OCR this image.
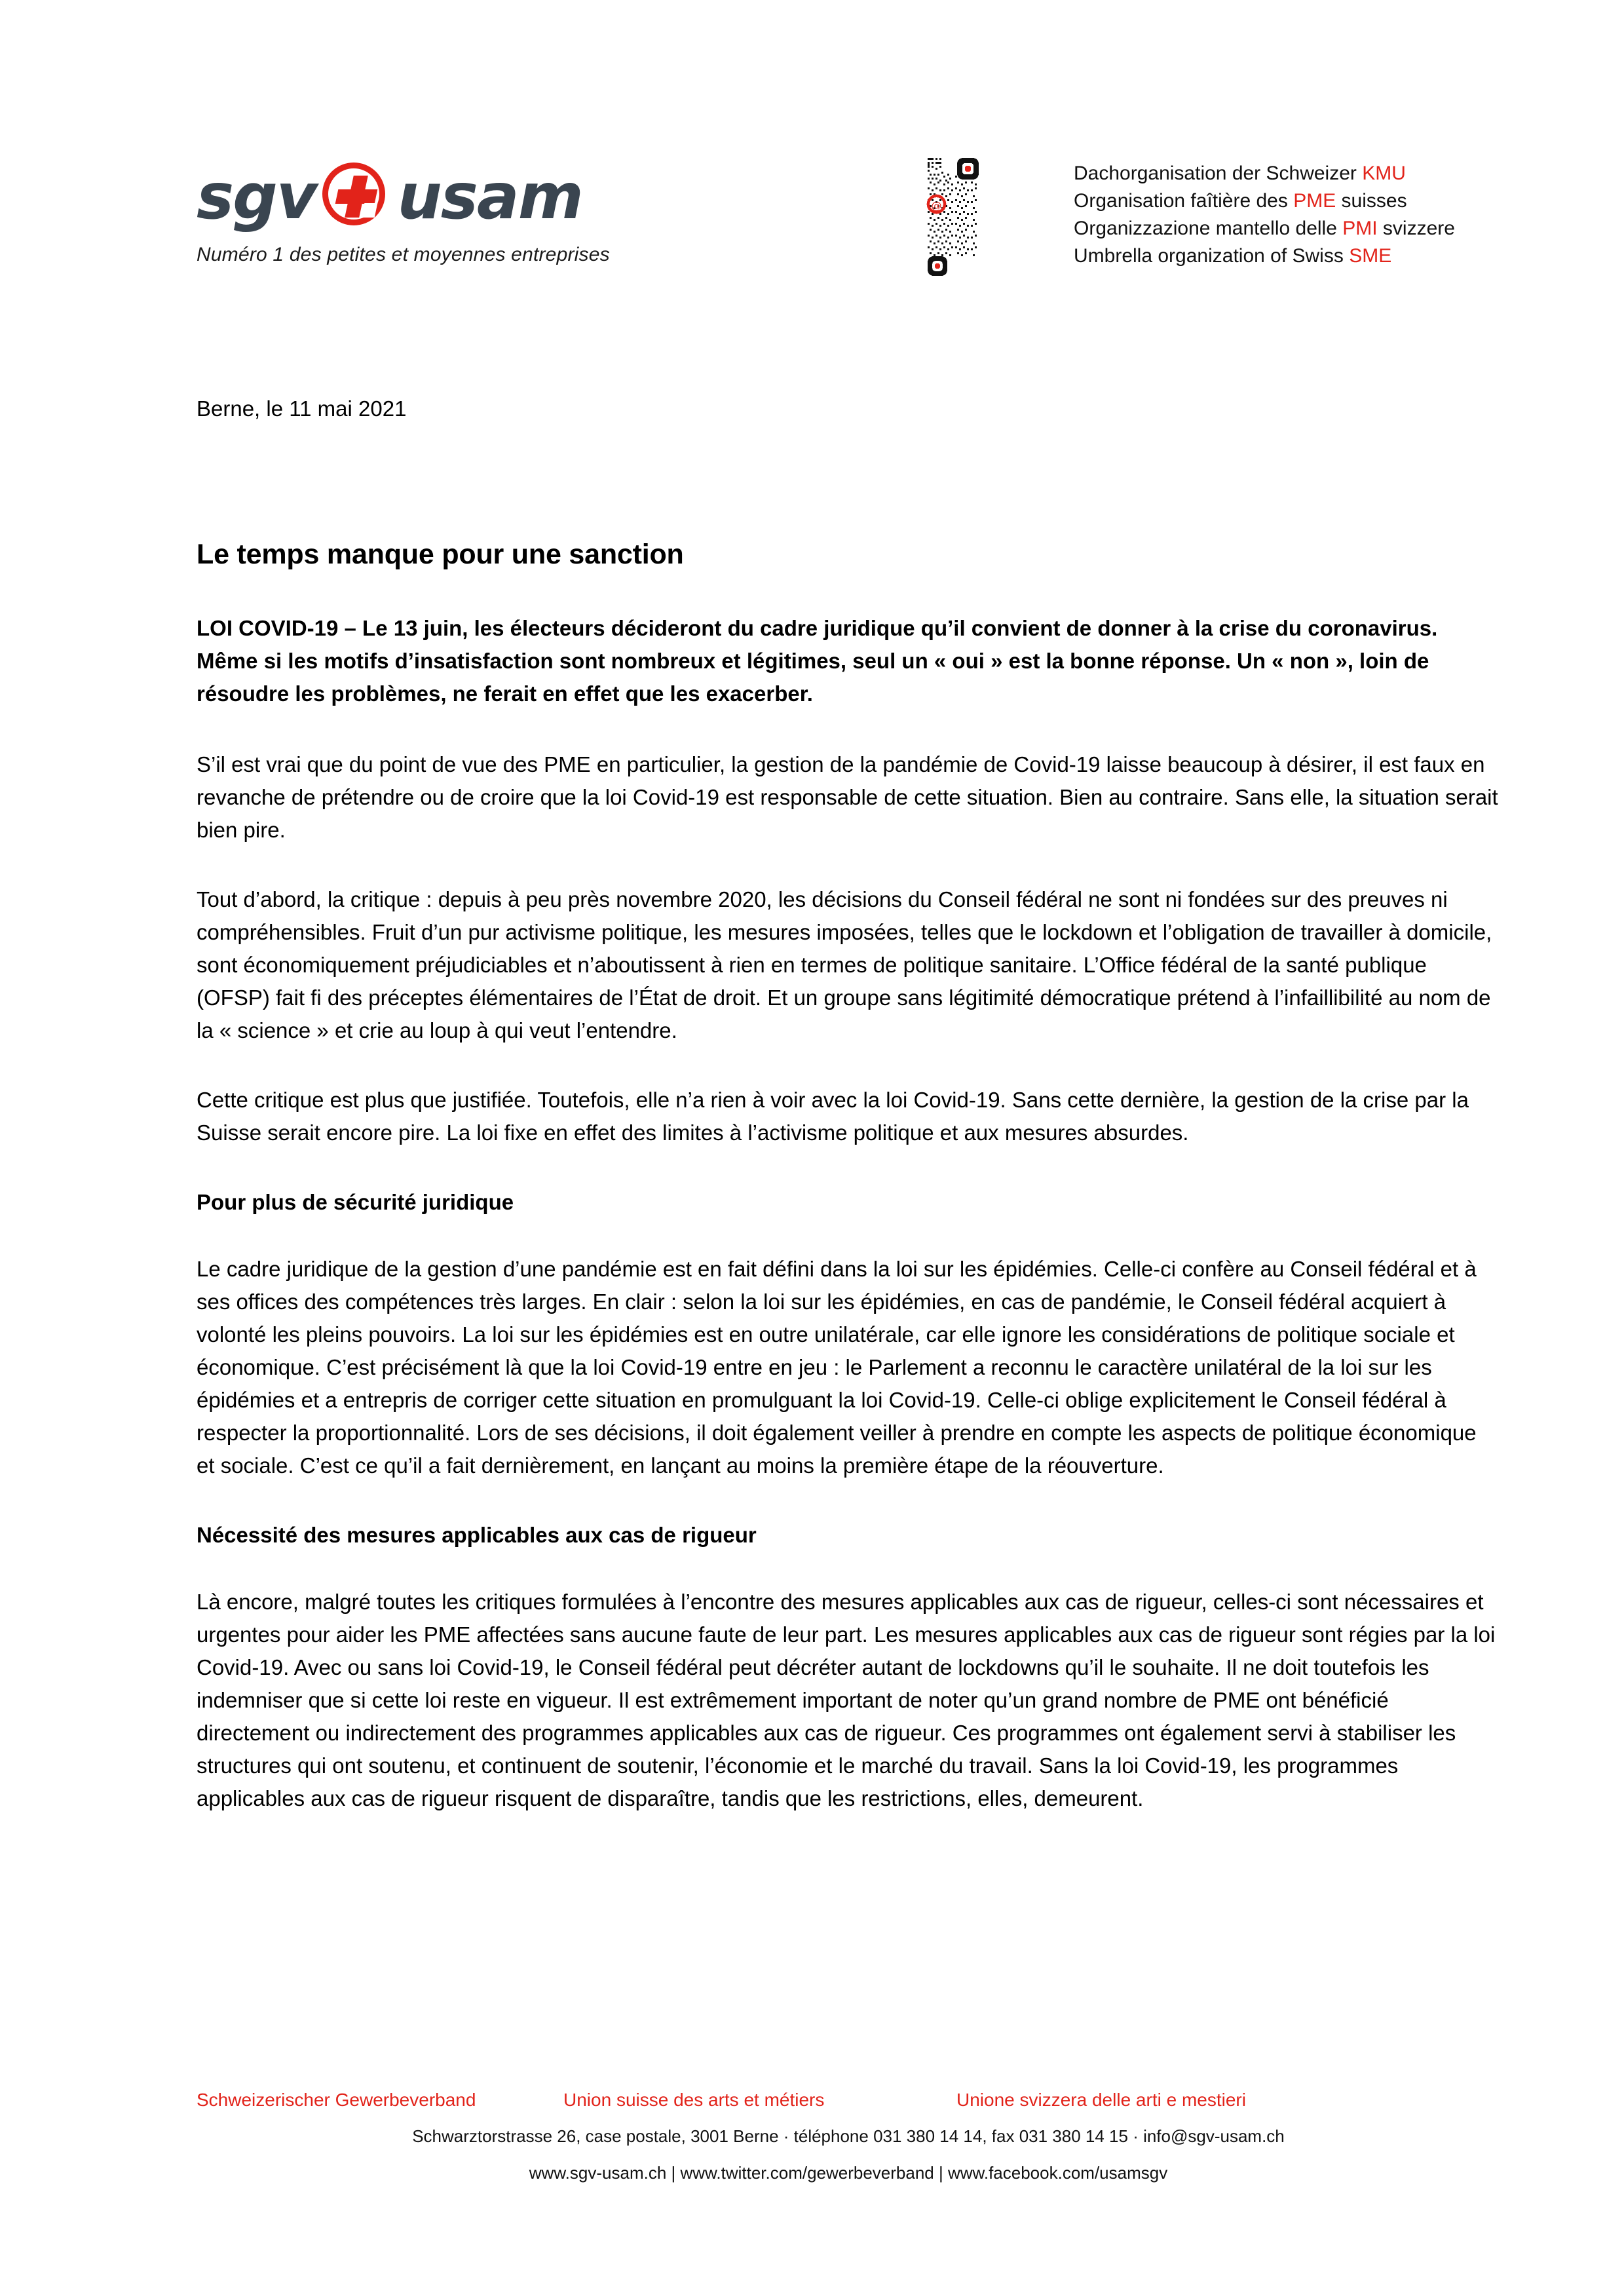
sgv usam
Numéro 1 des petites et moyennes entreprises
@
Dachorganisation der Schweizer KMU
Organisation faîtière des PME suisses
Organizzazione mantello delle PMI svizzere
Umbrella organization of Swiss SME
Berne, le 11 mai 2021
Le temps manque pour une sanction

LOI COVID-19 – Le 13 juin, les électeurs décideront du cadre juridique qu’il convient de donner à la crise du coronavirus. Même si les motifs d’insatisfaction sont nombreux et légitimes, seul un « oui » est la bonne réponse. Un « non », loin de résoudre les problèmes, ne ferait en effet que les exacerber.

S’il est vrai que du point de vue des PME en particulier, la gestion de la pandémie de Covid-19 laisse beaucoup à désirer, il est faux en revanche de prétendre ou de croire que la loi Covid-19 est responsable de cette situation. Bien au contraire. Sans elle, la situation serait bien pire.

Tout d’abord, la critique : depuis à peu près novembre 2020, les décisions du Conseil fédéral ne sont ni fondées sur des preuves ni compréhensibles. Fruit d’un pur activisme politique, les mesures imposées, telles que le lockdown et l’obligation de travailler à domicile, sont économiquement préjudiciables et n’aboutissent à rien en termes de politique sanitaire. L’Office fédéral de la santé publique (OFSP) fait fi des préceptes élémentaires de l’État de droit. Et un groupe sans légitimité démocratique prétend à l’infaillibilité au nom de la « science » et crie au loup à qui veut l’entendre.

Cette critique est plus que justifiée. Toutefois, elle n’a rien à voir avec la loi Covid-19. Sans cette dernière, la gestion de la crise par la Suisse serait encore pire. La loi fixe en effet des limites à l’activisme politique et aux mesures absurdes.

Pour plus de sécurité juridique

Le cadre juridique de la gestion d’une pandémie est en fait défini dans la loi sur les épidémies. Celle-ci confère au Conseil fédéral et à ses offices des compétences très larges. En clair : selon la loi sur les épidémies, en cas de pandémie, le Conseil fédéral acquiert à volonté les pleins pouvoirs. La loi sur les épidémies est en outre unilatérale, car elle ignore les considérations de politique sociale et économique. C’est précisément là que la loi Covid-19 entre en jeu : le Parlement a reconnu le caractère unilatéral de la loi sur les épidémies et a entrepris de corriger cette situation en promulguant la loi Covid-19. Celle-ci oblige explicitement le Conseil fédéral à respecter la proportionnalité. Lors de ses décisions, il doit également veiller à prendre en compte les aspects de politique économique et sociale. C’est ce qu’il a fait dernièrement, en lançant au moins la première étape de la réouverture.

Nécessité des mesures applicables aux cas de rigueur

Là encore, malgré toutes les critiques formulées à l’encontre des mesures applicables aux cas de rigueur, celles-ci sont nécessaires et urgentes pour aider les PME affectées sans aucune faute de leur part. Les mesures applicables aux cas de rigueur sont régies par la loi Covid-19. Avec ou sans loi Covid-19, le Conseil fédéral peut décréter autant de lockdowns qu’il le souhaite. Il ne doit toutefois les indemniser que si cette loi reste en vigueur. Il est extrêmement important de noter qu’un grand nombre de PME ont bénéficié directement ou indirectement des programmes applicables aux cas de rigueur. Ces programmes ont également servi à stabiliser les structures qui ont soutenu, et continuent de soutenir, l’économie et le marché du travail. Sans la loi Covid-19, les programmes applicables aux cas de rigueur risquent de disparaître, tandis que les restrictions, elles, demeurent.

Schweizerischer Gewerbeverband	Union suisse des arts et métiers	Unione svizzera delle arti e mestieri
Schwarztorstrasse 26, case postale, 3001 Berne · téléphone 031 380 14 14, fax 031 380 14 15 · info@sgv-usam.ch
www.sgv-usam.ch | www.twitter.com/gewerbeverband | www.facebook.com/usamsgv
